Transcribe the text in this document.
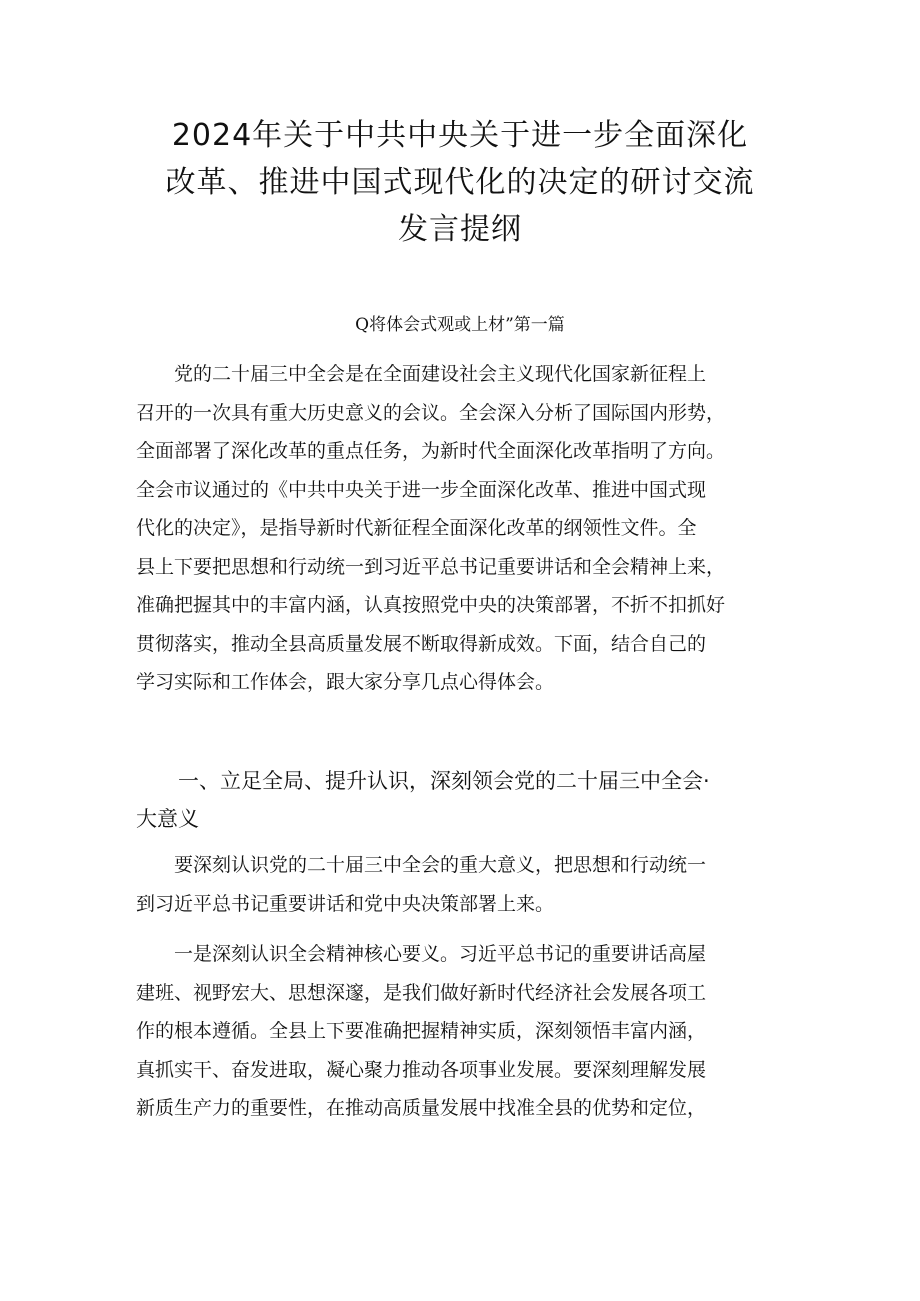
2024年关于中共中央关于进一步全面深化
改革、推进中国式现代化的决定的研讨交流
发言提纲

Q将体会式观或上材”第一篇

　　党的二十届三中全会是在全面建设社会主义现代化国家新征程上
召开的一次具有重大历史意义的会议。全会深入分析了国际国内形势，
全面部署了深化改革的重点任务，为新时代全面深化改革指明了方向。
全会市议通过的《中共中央关于进一步全面深化改革、推进中国式现
代化的决定》，是指导新时代新征程全面深化改革的纲领性文件。全
县上下要把思想和行动统一到习近平总书记重要讲话和全会精神上来，
准确把握其中的丰富内涵，认真按照党中央的决策部署，不折不扣抓好
贯彻落实，推动全县高质量发展不断取得新成效。下面，结合自己的
学习实际和工作体会，跟大家分享几点心得体会。

　　一、立足全局、提升认识，深刻领会党的二十届三中全会·
大意义

　　要深刻认识党的二十届三中全会的重大意义，把思想和行动统一
到习近平总书记重要讲话和党中央决策部署上来。

　　一是深刻认识全会精神核心要义。习近平总书记的重要讲话高屋
建班、视野宏大、思想深邃，是我们做好新时代经济社会发展各项工
作的根本遵循。全县上下要准确把握精神实质，深刻领悟丰富内涵，
真抓实干、奋发进取，凝心聚力推动各项事业发展。要深刻理解发展
新质生产力的重要性，在推动高质量发展中找准全县的优势和定位，
